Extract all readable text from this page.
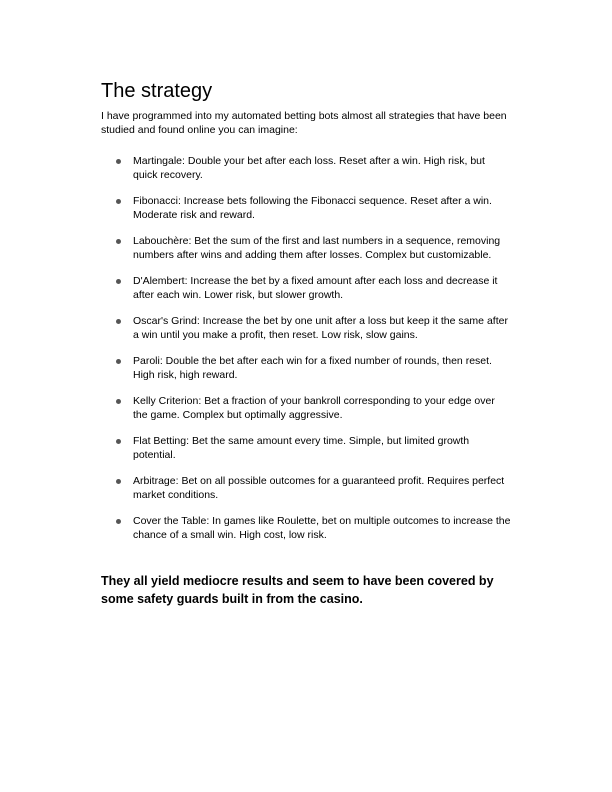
The strategy

I have programmed into my automated betting bots almost all strategies that have been studied and found online you can imagine:

Martingale: Double your bet after each loss. Reset after a win. High risk, but quick recovery.
Fibonacci: Increase bets following the Fibonacci sequence. Reset after a win. Moderate risk and reward.
Labouchère: Bet the sum of the first and last numbers in a sequence, removing numbers after wins and adding them after losses. Complex but customizable.
D'Alembert: Increase the bet by a fixed amount after each loss and decrease it after each win. Lower risk, but slower growth.
Oscar's Grind: Increase the bet by one unit after a loss but keep it the same after a win until you make a profit, then reset. Low risk, slow gains.
Paroli: Double the bet after each win for a fixed number of rounds, then reset. High risk, high reward.
Kelly Criterion: Bet a fraction of your bankroll corresponding to your edge over the game. Complex but optimally aggressive.
Flat Betting: Bet the same amount every time. Simple, but limited growth potential.
Arbitrage: Bet on all possible outcomes for a guaranteed profit. Requires perfect market conditions.
Cover the Table: In games like Roulette, bet on multiple outcomes to increase the chance of a small win. High cost, low risk.

They all yield mediocre results and seem to have been covered by some safety guards built in from the casino.
